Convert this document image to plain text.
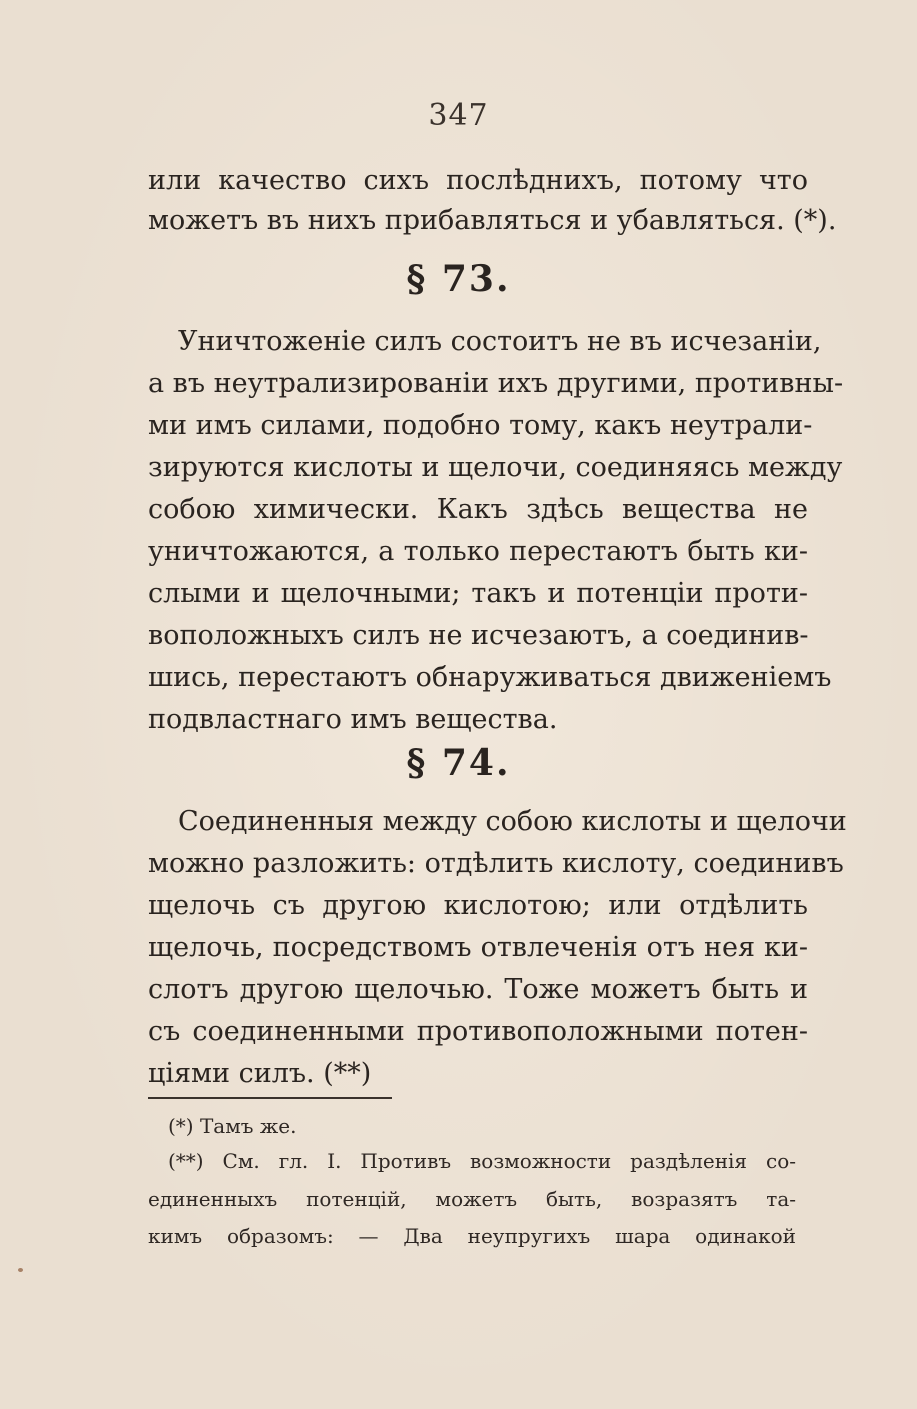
347
или качество сихъ послѣднихъ, потому что
можетъ въ нихъ прибавляться и убавляться. (*).
§ 73.
Уничтоженіе силъ состоитъ не въ исчезаніи,
а въ неутрализированіи ихъ другими, противны-
ми имъ силами, подобно тому, какъ неутрали-
зируются кислоты и щелочи, соединяясь между
собою химически. Какъ здѣсь вещества не
уничтожаются, а только перестаютъ быть ки-
слыми и щелочными; такъ и потенціи проти-
воположныхъ силъ не исчезаютъ, а соединив-
шись, перестаютъ обнаруживаться движеніемъ
подвластнаго имъ вещества.
§ 74.
Соединенныя между собою кислоты и щелочи
можно разложить: отдѣлить кислоту, соединивъ
щелочь съ другою кислотою; или отдѣлить
щелочь, посредствомъ отвлеченія отъ нея ки-
слотъ другою щелочью. Тоже можетъ быть и
съ соединенными противоположными потен-
ціями силъ. (**)
(*) Тамъ же.
(**) См. гл. I. Противъ возможности раздѣленія со-
единенныхъ потенцій, можетъ быть, возразятъ та-
кимъ образомъ: — Два неупругихъ шара одинакой
